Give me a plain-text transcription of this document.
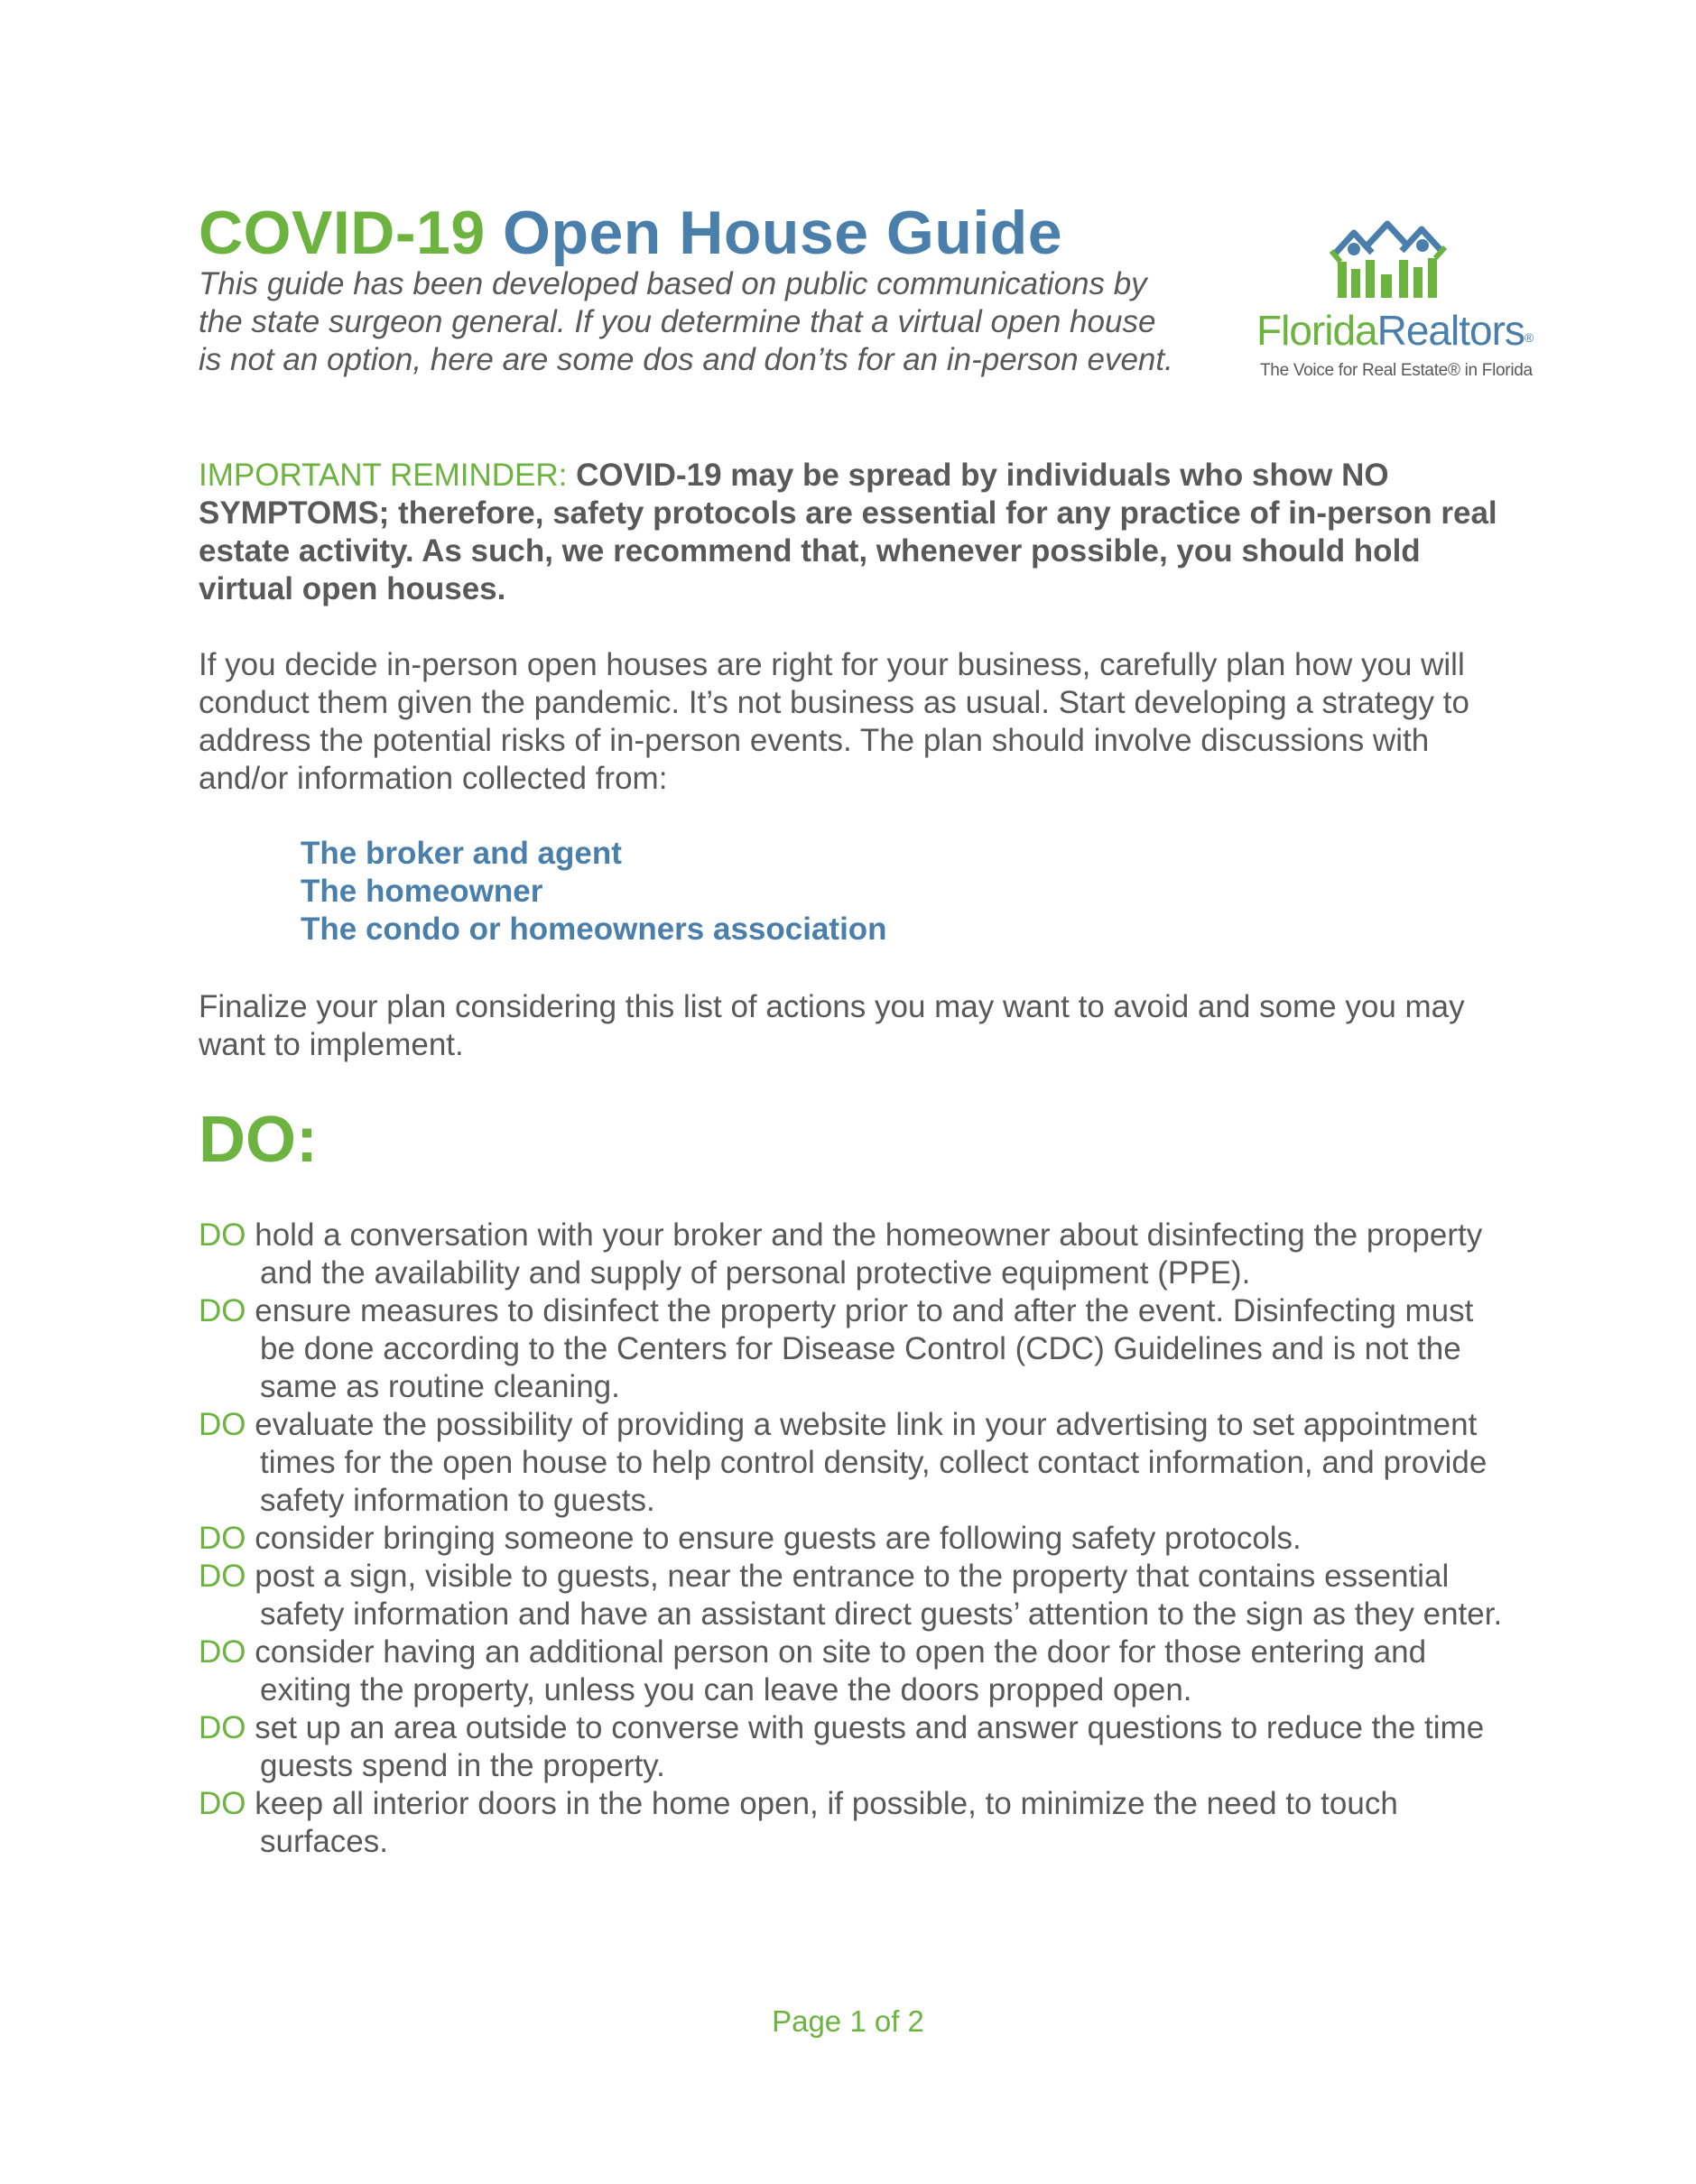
COVID-19 Open House Guide

This guide has been developed based on public communications by the state surgeon general. If you determine that a virtual open house is not an option, here are some dos and don’ts for an in-person event.

FloridaRealtors®
The Voice for Real Estate® in Florida

IMPORTANT REMINDER: COVID-19 may be spread by individuals who show NO SYMPTOMS; therefore, safety protocols are essential for any practice of in-person real estate activity. As such, we recommend that, whenever possible, you should hold virtual open houses.

If you decide in-person open houses are right for your business, carefully plan how you will conduct them given the pandemic. It’s not business as usual. Start developing a strategy to address the potential risks of in-person events. The plan should involve discussions with and/or information collected from:

The broker and agent
The homeowner
The condo or homeowners association

Finalize your plan considering this list of actions you may want to avoid and some you may want to implement.

DO:
DO hold a conversation with your broker and the homeowner about disinfecting the property and the availability and supply of personal protective equipment (PPE).
DO ensure measures to disinfect the property prior to and after the event. Disinfecting must be done according to the Centers for Disease Control (CDC) Guidelines and is not the same as routine cleaning.
DO evaluate the possibility of providing a website link in your advertising to set appointment times for the open house to help control density, collect contact information, and provide safety information to guests.
DO consider bringing someone to ensure guests are following safety protocols.
DO post a sign, visible to guests, near the entrance to the property that contains essential safety information and have an assistant direct guests’ attention to the sign as they enter.
DO consider having an additional person on site to open the door for those entering and exiting the property, unless you can leave the doors propped open.
DO set up an area outside to converse with guests and answer questions to reduce the time guests spend in the property.
DO keep all interior doors in the home open, if possible, to minimize the need to touch surfaces.
Page 1 of 2
